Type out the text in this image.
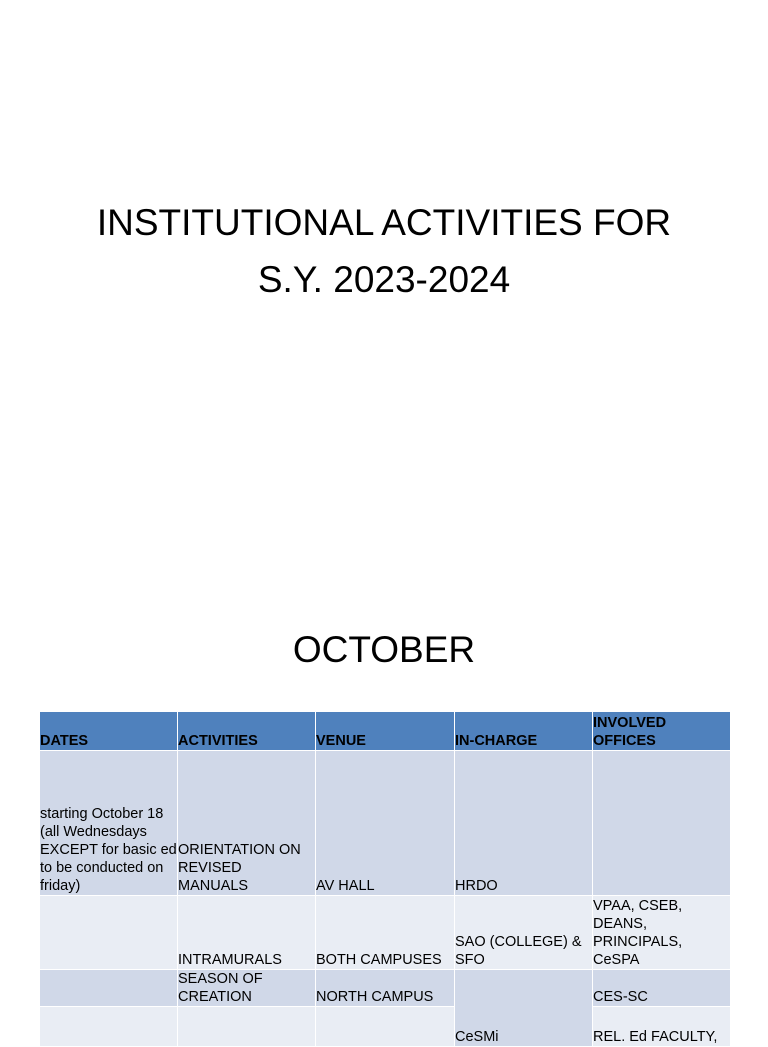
INSTITUTIONAL ACTIVITIES FOR
S.Y. 2023-2024
OCTOBER
DATES	ACTIVITIES	VENUE	IN-CHARGE	INVOLVED OFFICES
starting October 18 (all Wednesdays EXCEPT for basic ed to be conducted on friday)	ORIENTATION ON REVISED MANUALS	AV HALL	HRDO	
	INTRAMURALS	BOTH CAMPUSES	SAO (COLLEGE) & SFO	VPAA, CSEB, DEANS, PRINCIPALS, CeSPA
	SEASON OF CREATION	NORTH CAMPUS	CeSMi	CES-SC
				REL. Ed FACULTY,
